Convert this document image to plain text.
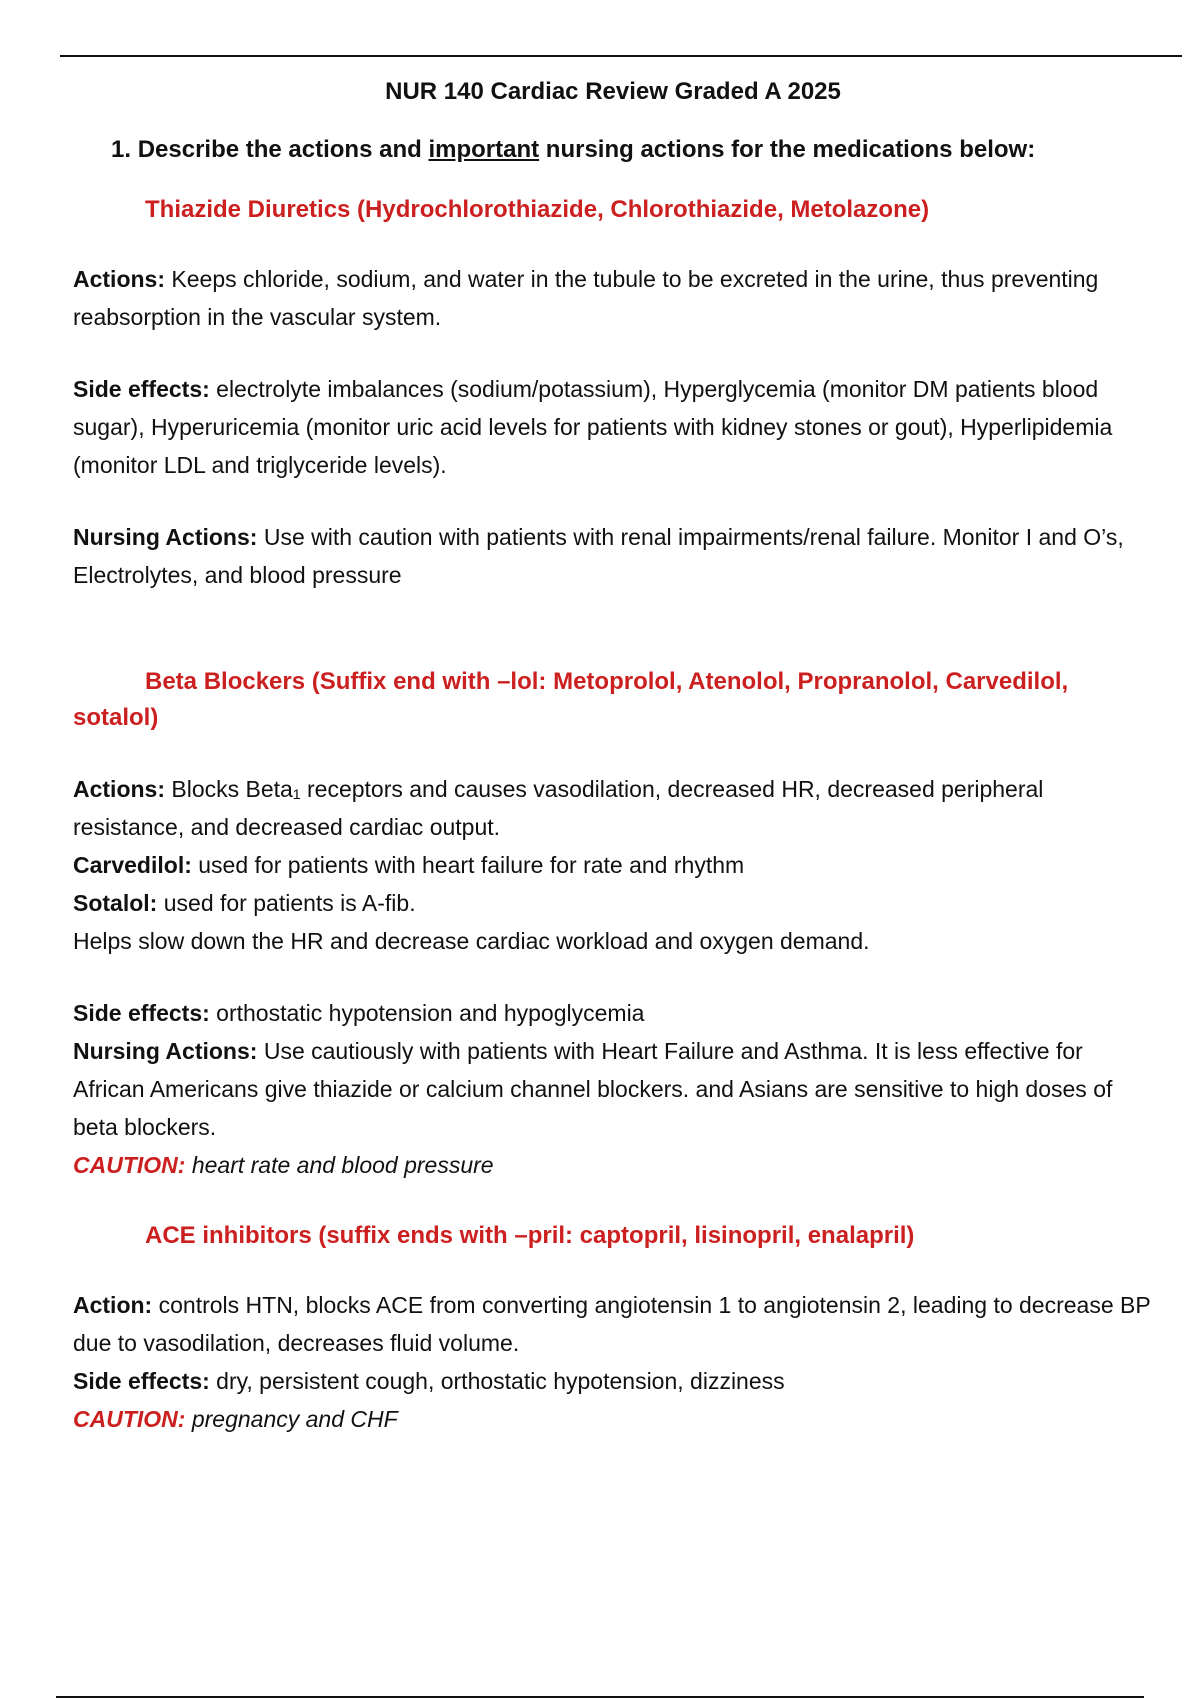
NUR 140 Cardiac Review Graded A 2025
1. Describe the actions and important nursing actions for the medications below:
Thiazide Diuretics (Hydrochlorothiazide, Chlorothiazide, Metolazone)

Actions: Keeps chloride, sodium, and water in the tubule to be excreted in the urine, thus preventing reabsorption in the vascular system.

Side effects: electrolyte imbalances (sodium/potassium), Hyperglycemia (monitor DM patients blood sugar), Hyperuricemia (monitor uric acid levels for patients with kidney stones or gout), Hyperlipidemia (monitor LDL and triglyceride levels).

Nursing Actions: Use with caution with patients with renal impairments/renal failure. Monitor I and O’s, Electrolytes, and blood pressure

Beta Blockers (Suffix end with –lol: Metoprolol, Atenolol, Propranolol, Carvedilol,
sotalol)

Actions: Blocks Beta₁ receptors and causes vasodilation, decreased HR, decreased peripheral resistance, and decreased cardiac output.

Carvedilol: used for patients with heart failure for rate and rhythm

Sotalol: used for patients is A-fib.

Helps slow down the HR and decrease cardiac workload and oxygen demand.

Side effects: orthostatic hypotension and hypoglycemia

Nursing Actions: Use cautiously with patients with Heart Failure and Asthma. It is less effective for African Americans give thiazide or calcium channel blockers. and Asians are sensitive to high doses of beta blockers.

CAUTION: heart rate and blood pressure

ACE inhibitors (suffix ends with –pril: captopril, lisinopril, enalapril)

Action: controls HTN, blocks ACE from converting angiotensin 1 to angiotensin 2, leading to decrease BP due to vasodilation, decreases fluid volume.

Side effects: dry, persistent cough, orthostatic hypotension, dizziness

CAUTION: pregnancy and CHF
